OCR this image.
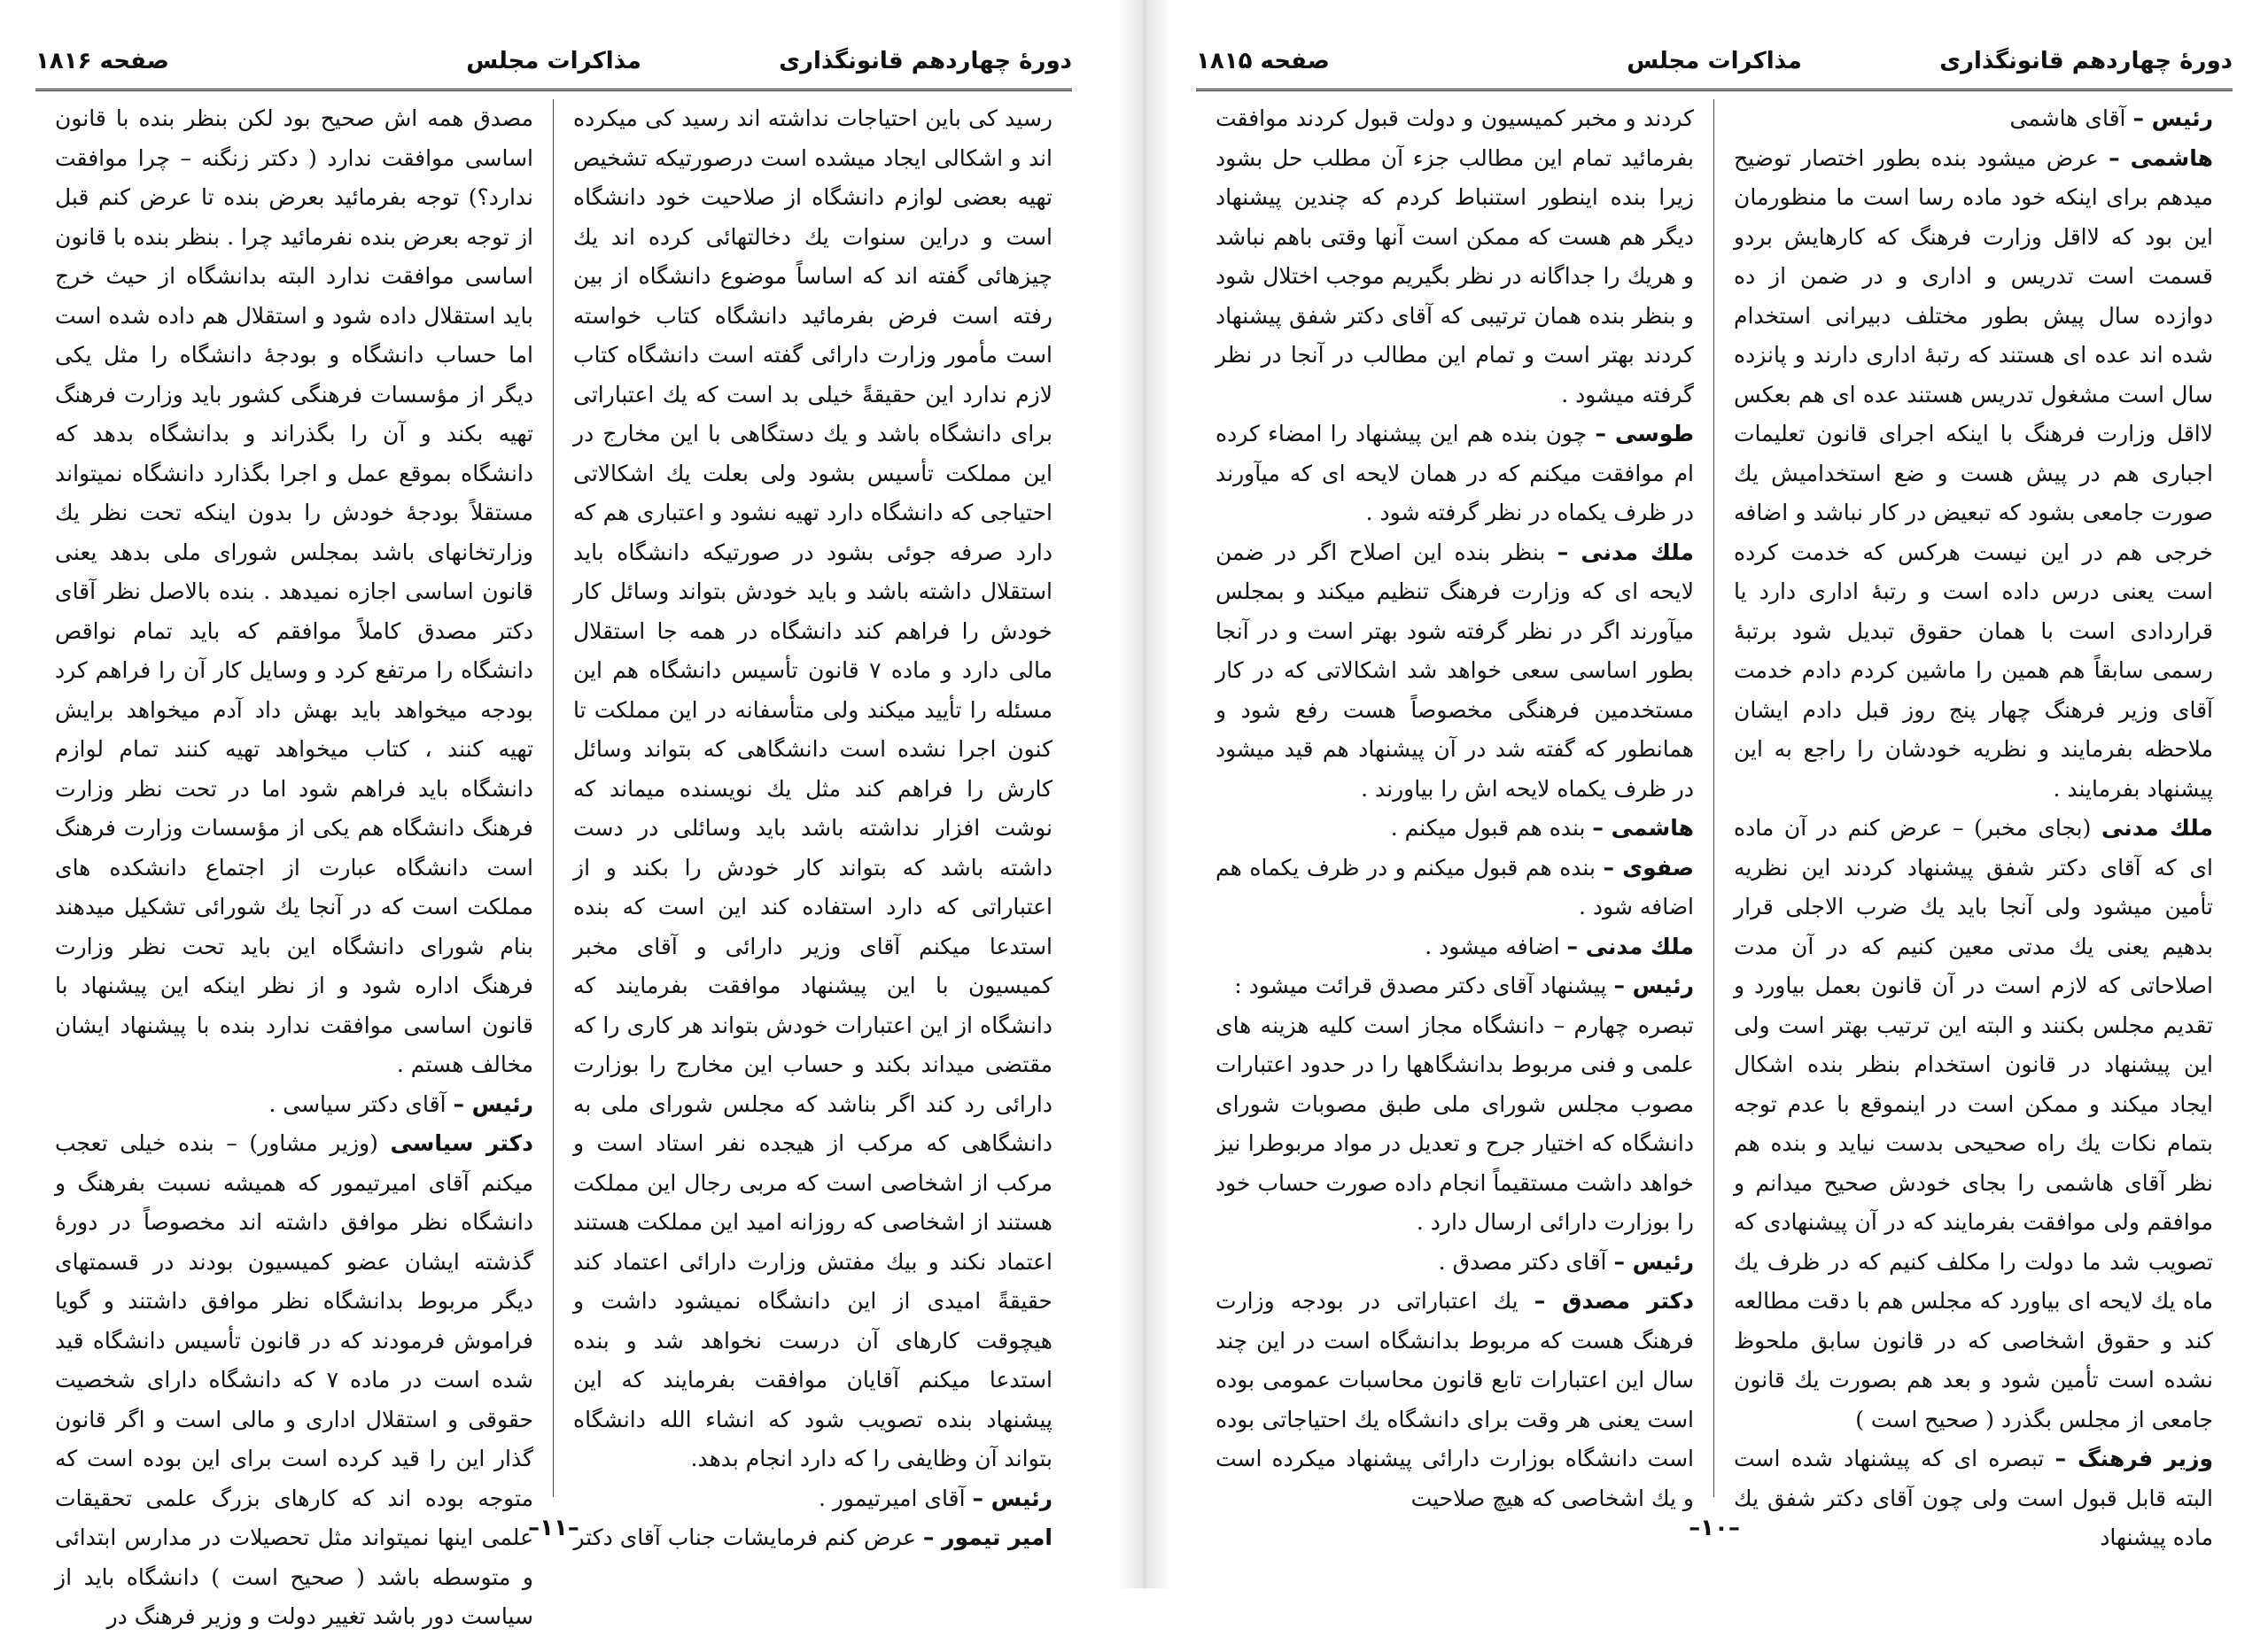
دورهٔ چهاردهم قانونگذاری
مذاکرات مجلس
صفحه ۱۸۱۶

رسید کی باین احتیاجات نداشته اند رسید کی میکرده اند و اشکالی ایجاد میشده است درصورتیکه تشخیص تهیه بعضی لوازم دانشگاه از صلاحیت خود دانشگاه است و دراین سنوات یك دخالتهائی کرده اند یك چیزهائی گفته اند که اساساً موضوع دانشگاه از بین رفته است فرض بفرمائید دانشگاه کتاب خواسته است مأمور وزارت دارائی گفته است دانشگاه کتاب لازم ندارد این حقیقةً خیلی بد است که یك اعتباراتی برای دانشگاه باشد و یك دستگاهی با این مخارج در این مملکت تأسیس بشود ولی بعلت یك اشکالاتی احتیاجی که دانشگاه دارد تهیه نشود و اعتباری هم که دارد صرفه جوئی بشود در صورتیکه دانشگاه باید استقلال داشته باشد و باید خودش بتواند وسائل کار خودش را فراهم کند دانشگاه در همه جا استقلال مالی دارد و ماده ۷ قانون تأسیس دانشگاه هم این مسئله را تأیید میکند ولی متأسفانه در این مملکت تا کنون اجرا نشده است دانشگاهی که بتواند وسائل کارش را فراهم کند مثل یك نویسنده میماند که نوشت افزار نداشته باشد باید وسائلی در دست داشته باشد که بتواند کار خودش را بکند و از اعتباراتی که دارد استفاده کند این است که بنده استدعا میکنم آقای وزیر دارائی و آقای مخبر کمیسیون با این پیشنهاد موافقت بفرمایند که دانشگاه از این اعتبارات خودش بتواند هر کاری را که مقتضی میداند بکند و حساب این مخارج را بوزارت دارائی رد کند اگر بناشد که مجلس شورای ملی به دانشگاهی که مرکب از هیجده نفر استاد است و مرکب از اشخاصی است که مربی رجال این مملکت هستند از اشخاصی که روزانه امید این مملکت هستند اعتماد نکند و بیك مفتش وزارت دارائی اعتماد کند حقیقةً امیدی از این دانشگاه نمیشود داشت و هیچوقت کارهای آن درست نخواهد شد و بنده استدعا میکنم آقایان موافقت بفرمایند که این پیشنهاد بنده تصویب شود که انشاء الله دانشگاه بتواند آن وظایفی را که دارد انجام بدهد.

رئیس – آقای امیرتیمور .

امیر تیمور – عرض کنم فرمایشات جناب آقای دکتر

مصدق همه اش صحیح بود لکن بنظر بنده با قانون اساسی موافقت ندارد ( دکتر زنگنه – چرا موافقت ندارد؟) توجه بفرمائید بعرض بنده تا عرض کنم قبل از توجه بعرض بنده نفرمائید چرا . بنظر بنده با قانون اساسی موافقت ندارد البته بدانشگاه از حیث خرج باید استقلال داده شود و استقلال هم داده شده است اما حساب دانشگاه و بودجهٔ دانشگاه را مثل یکی دیگر از مؤسسات فرهنگی کشور باید وزارت فرهنگ تهیه بکند و آن را بگذراند و بدانشگاه بدهد که دانشگاه بموقع عمل و اجرا بگذارد دانشگاه نمیتواند مستقلاً بودجهٔ خودش را بدون اینکه تحت نظر یك وزارتخانهای باشد بمجلس شورای ملی بدهد یعنی قانون اساسی اجازه نمیدهد . بنده بالاصل نظر آقای دکتر مصدق کاملاً موافقم که باید تمام نواقص دانشگاه را مرتفع کرد و وسایل کار آن را فراهم کرد بودجه میخواهد باید بهش داد آدم میخواهد برایش تهیه کنند ، کتاب میخواهد تهیه کنند تمام لوازم دانشگاه باید فراهم شود اما در تحت نظر وزارت فرهنگ دانشگاه هم یکی از مؤسسات وزارت فرهنگ است دانشگاه عبارت از اجتماع دانشکده های مملکت است که در آنجا یك شورائی تشکیل میدهند بنام شورای دانشگاه این باید تحت نظر وزارت فرهنگ اداره شود و از نظر اینکه این پیشنهاد با قانون اساسی موافقت ندارد بنده با پیشنهاد ایشان مخالف هستم .

رئیس – آقای دکتر سیاسی .

دکتر سیاسی (وزیر مشاور) – بنده خیلی تعجب میکنم آقای امیرتیمور که همیشه نسبت بفرهنگ و دانشگاه نظر موافق داشته اند مخصوصاً در دورهٔ گذشته ایشان عضو کمیسیون بودند در قسمتهای دیگر مربوط بدانشگاه نظر موافق داشتند و گویا فراموش فرمودند که در قانون تأسیس دانشگاه قید شده است در ماده ۷ که دانشگاه دارای شخصیت حقوقی و استقلال اداری و مالی است و اگر قانون گذار این را قید کرده است برای این بوده است که متوجه بوده اند که کارهای بزرگ علمی تحقیقات علمی اینها نمیتواند مثل تحصیلات در مدارس ابتدائی و متوسطه باشد ( صحیح است ) دانشگاه باید از سیاست دور باشد تغییر دولت و وزیر فرهنگ در

–۱۱–
دورهٔ چهاردهم قانونگذاری
مذاکرات مجلس
صفحه ۱۸۱۵

رئیس – آقای هاشمی

هاشمی – عرض میشود بنده بطور اختصار توضیح میدهم برای اینکه خود ماده رسا است ما منظورمان این بود که لااقل وزارت فرهنگ که کارهایش بردو قسمت است تدریس و اداری و در ضمن از ده دوازده سال پیش بطور مختلف دبیرانی استخدام شده اند عده ای هستند که رتبهٔ اداری دارند و پانزده سال است مشغول تدریس هستند عده ای هم بعکس لااقل وزارت فرهنگ با اینکه اجرای قانون تعلیمات اجباری هم در پیش هست و ضع استخدامیش یك صورت جامعی بشود که تبعیض در کار نباشد و اضافه خرجی هم در این نیست هرکس که خدمت کرده است یعنی درس داده است و رتبهٔ اداری دارد یا قراردادی است با همان حقوق تبدیل شود برتبهٔ رسمی سابقاً هم همین را ماشین کردم دادم خدمت آقای وزیر فرهنگ چهار پنج روز قبل دادم ایشان ملاحظه بفرمایند و نظریه خودشان را راجع به این پیشنهاد بفرمایند .

ملك مدنی (بجای مخبر) – عرض کنم در آن ماده ای که آقای دکتر شفق پیشنهاد کردند این نظریه تأمین میشود ولی آنجا باید یك ضرب الاجلی قرار بدهیم یعنی یك مدتی معین کنیم که در آن مدت اصلاحاتی که لازم است در آن قانون بعمل بیاورد و تقدیم مجلس بکنند و البته این ترتیب بهتر است ولی این پیشنهاد در قانون استخدام بنظر بنده اشکال ایجاد میکند و ممکن است در اینموقع با عدم توجه بتمام نکات یك راه صحیحی بدست نیاید و بنده هم نظر آقای هاشمی را بجای خودش صحیح میدانم و موافقم ولی موافقت بفرمایند که در آن پیشنهادی که تصویب شد ما دولت را مکلف کنیم که در ظرف یك ماه یك لایحه ای بیاورد که مجلس هم با دقت مطالعه کند و حقوق اشخاصی که در قانون سابق ملحوظ نشده است تأمین شود و بعد هم بصورت یك قانون جامعی از مجلس بگذرد ( صحیح است )

وزیر فرهنگ – تبصره ای که پیشنهاد شده است البته قابل قبول است ولی چون آقای دکتر شفق یك ماده پیشنهاد

کردند و مخبر کمیسیون و دولت قبول کردند موافقت بفرمائید تمام این مطالب جزء آن مطلب حل بشود زیرا بنده اینطور استنباط کردم که چندین پیشنهاد دیگر هم هست که ممکن است آنها وقتی باهم نباشد و هریك را جداگانه در نظر بگیریم موجب اختلال شود و بنظر بنده همان ترتیبی که آقای دکتر شفق پیشنهاد کردند بهتر است و تمام این مطالب در آنجا در نظر گرفته میشود .

طوسی – چون بنده هم این پیشنهاد را امضاء کرده ام موافقت میکنم که در همان لایحه ای که میآورند در ظرف یکماه در نظر گرفته شود .

ملك مدنی – بنظر بنده این اصلاح اگر در ضمن لایحه ای که وزارت فرهنگ تنظیم میکند و بمجلس میآورند اگر در نظر گرفته شود بهتر است و در آنجا بطور اساسی سعی خواهد شد اشکالاتی که در کار مستخدمین فرهنگی مخصوصاً هست رفع شود و همانطور که گفته شد در آن پیشنهاد هم قید میشود در ظرف یکماه لایحه اش را بیاورند .

هاشمی – بنده هم قبول میکنم .

صفوی – بنده هم قبول میکنم و در ظرف یکماه هم اضافه شود .

ملك مدنی – اضافه میشود .

رئیس – پیشنهاد آقای دکتر مصدق قرائت میشود :

تبصره چهارم – دانشگاه مجاز است کلیه هزینه های علمی و فنی مربوط بدانشگاهها را در حدود اعتبارات مصوب مجلس شورای ملی طبق مصوبات شورای دانشگاه که اختیار جرح و تعدیل در مواد مربوطرا نیز خواهد داشت مستقیماً انجام داده صورت حساب خود را بوزارت دارائی ارسال دارد .

رئیس – آقای دکتر مصدق .

دکتر مصدق – یك اعتباراتی در بودجه وزارت فرهنگ هست که مربوط بدانشگاه است در این چند سال این اعتبارات تابع قانون محاسبات عمومی بوده است یعنی هر وقت برای دانشگاه یك احتیاجاتی بوده است دانشگاه بوزارت دارائی پیشنهاد میکرده است و یك اشخاصی که هیچ صلاحیت

–۱۰–
